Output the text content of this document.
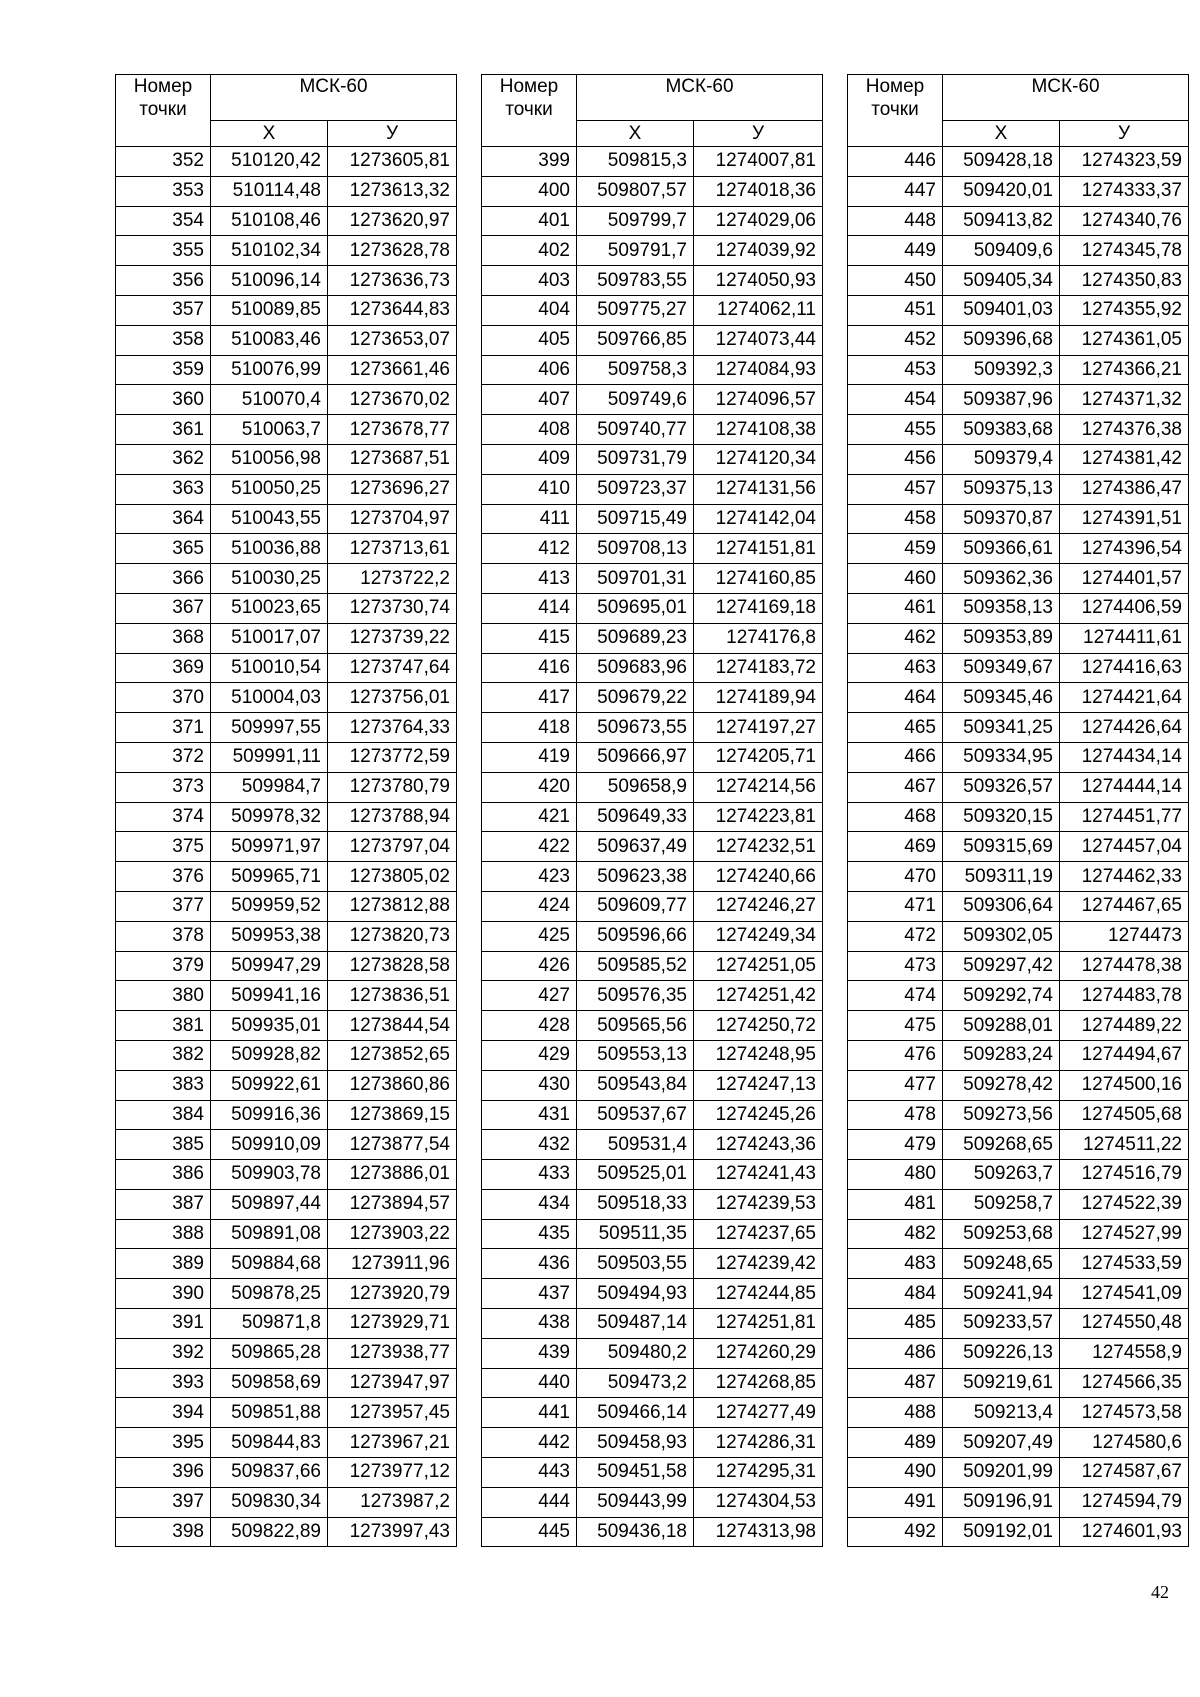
Номер точки	МСК-60	
	Х	У
352	510120,42	1273605,81
353	510114,48	1273613,32
354	510108,46	1273620,97
355	510102,34	1273628,78
356	510096,14	1273636,73
357	510089,85	1273644,83
358	510083,46	1273653,07
359	510076,99	1273661,46
360	510070,4	1273670,02
361	510063,7	1273678,77
362	510056,98	1273687,51
363	510050,25	1273696,27
364	510043,55	1273704,97
365	510036,88	1273713,61
366	510030,25	1273722,2
367	510023,65	1273730,74
368	510017,07	1273739,22
369	510010,54	1273747,64
370	510004,03	1273756,01
371	509997,55	1273764,33
372	509991,11	1273772,59
373	509984,7	1273780,79
374	509978,32	1273788,94
375	509971,97	1273797,04
376	509965,71	1273805,02
377	509959,52	1273812,88
378	509953,38	1273820,73
379	509947,29	1273828,58
380	509941,16	1273836,51
381	509935,01	1273844,54
382	509928,82	1273852,65
383	509922,61	1273860,86
384	509916,36	1273869,15
385	509910,09	1273877,54
386	509903,78	1273886,01
387	509897,44	1273894,57
388	509891,08	1273903,22
389	509884,68	1273911,96
390	509878,25	1273920,79
391	509871,8	1273929,71
392	509865,28	1273938,77
393	509858,69	1273947,97
394	509851,88	1273957,45
395	509844,83	1273967,21
396	509837,66	1273977,12
397	509830,34	1273987,2
398	509822,89	1273997,43
Номер точки	МСК-60	
	Х	У
399	509815,3	1274007,81
400	509807,57	1274018,36
401	509799,7	1274029,06
402	509791,7	1274039,92
403	509783,55	1274050,93
404	509775,27	1274062,11
405	509766,85	1274073,44
406	509758,3	1274084,93
407	509749,6	1274096,57
408	509740,77	1274108,38
409	509731,79	1274120,34
410	509723,37	1274131,56
411	509715,49	1274142,04
412	509708,13	1274151,81
413	509701,31	1274160,85
414	509695,01	1274169,18
415	509689,23	1274176,8
416	509683,96	1274183,72
417	509679,22	1274189,94
418	509673,55	1274197,27
419	509666,97	1274205,71
420	509658,9	1274214,56
421	509649,33	1274223,81
422	509637,49	1274232,51
423	509623,38	1274240,66
424	509609,77	1274246,27
425	509596,66	1274249,34
426	509585,52	1274251,05
427	509576,35	1274251,42
428	509565,56	1274250,72
429	509553,13	1274248,95
430	509543,84	1274247,13
431	509537,67	1274245,26
432	509531,4	1274243,36
433	509525,01	1274241,43
434	509518,33	1274239,53
435	509511,35	1274237,65
436	509503,55	1274239,42
437	509494,93	1274244,85
438	509487,14	1274251,81
439	509480,2	1274260,29
440	509473,2	1274268,85
441	509466,14	1274277,49
442	509458,93	1274286,31
443	509451,58	1274295,31
444	509443,99	1274304,53
445	509436,18	1274313,98
Номер точки	МСК-60	
	Х	У
446	509428,18	1274323,59
447	509420,01	1274333,37
448	509413,82	1274340,76
449	509409,6	1274345,78
450	509405,34	1274350,83
451	509401,03	1274355,92
452	509396,68	1274361,05
453	509392,3	1274366,21
454	509387,96	1274371,32
455	509383,68	1274376,38
456	509379,4	1274381,42
457	509375,13	1274386,47
458	509370,87	1274391,51
459	509366,61	1274396,54
460	509362,36	1274401,57
461	509358,13	1274406,59
462	509353,89	1274411,61
463	509349,67	1274416,63
464	509345,46	1274421,64
465	509341,25	1274426,64
466	509334,95	1274434,14
467	509326,57	1274444,14
468	509320,15	1274451,77
469	509315,69	1274457,04
470	509311,19	1274462,33
471	509306,64	1274467,65
472	509302,05	1274473
473	509297,42	1274478,38
474	509292,74	1274483,78
475	509288,01	1274489,22
476	509283,24	1274494,67
477	509278,42	1274500,16
478	509273,56	1274505,68
479	509268,65	1274511,22
480	509263,7	1274516,79
481	509258,7	1274522,39
482	509253,68	1274527,99
483	509248,65	1274533,59
484	509241,94	1274541,09
485	509233,57	1274550,48
486	509226,13	1274558,9
487	509219,61	1274566,35
488	509213,4	1274573,58
489	509207,49	1274580,6
490	509201,99	1274587,67
491	509196,91	1274594,79
492	509192,01	1274601,93
42
